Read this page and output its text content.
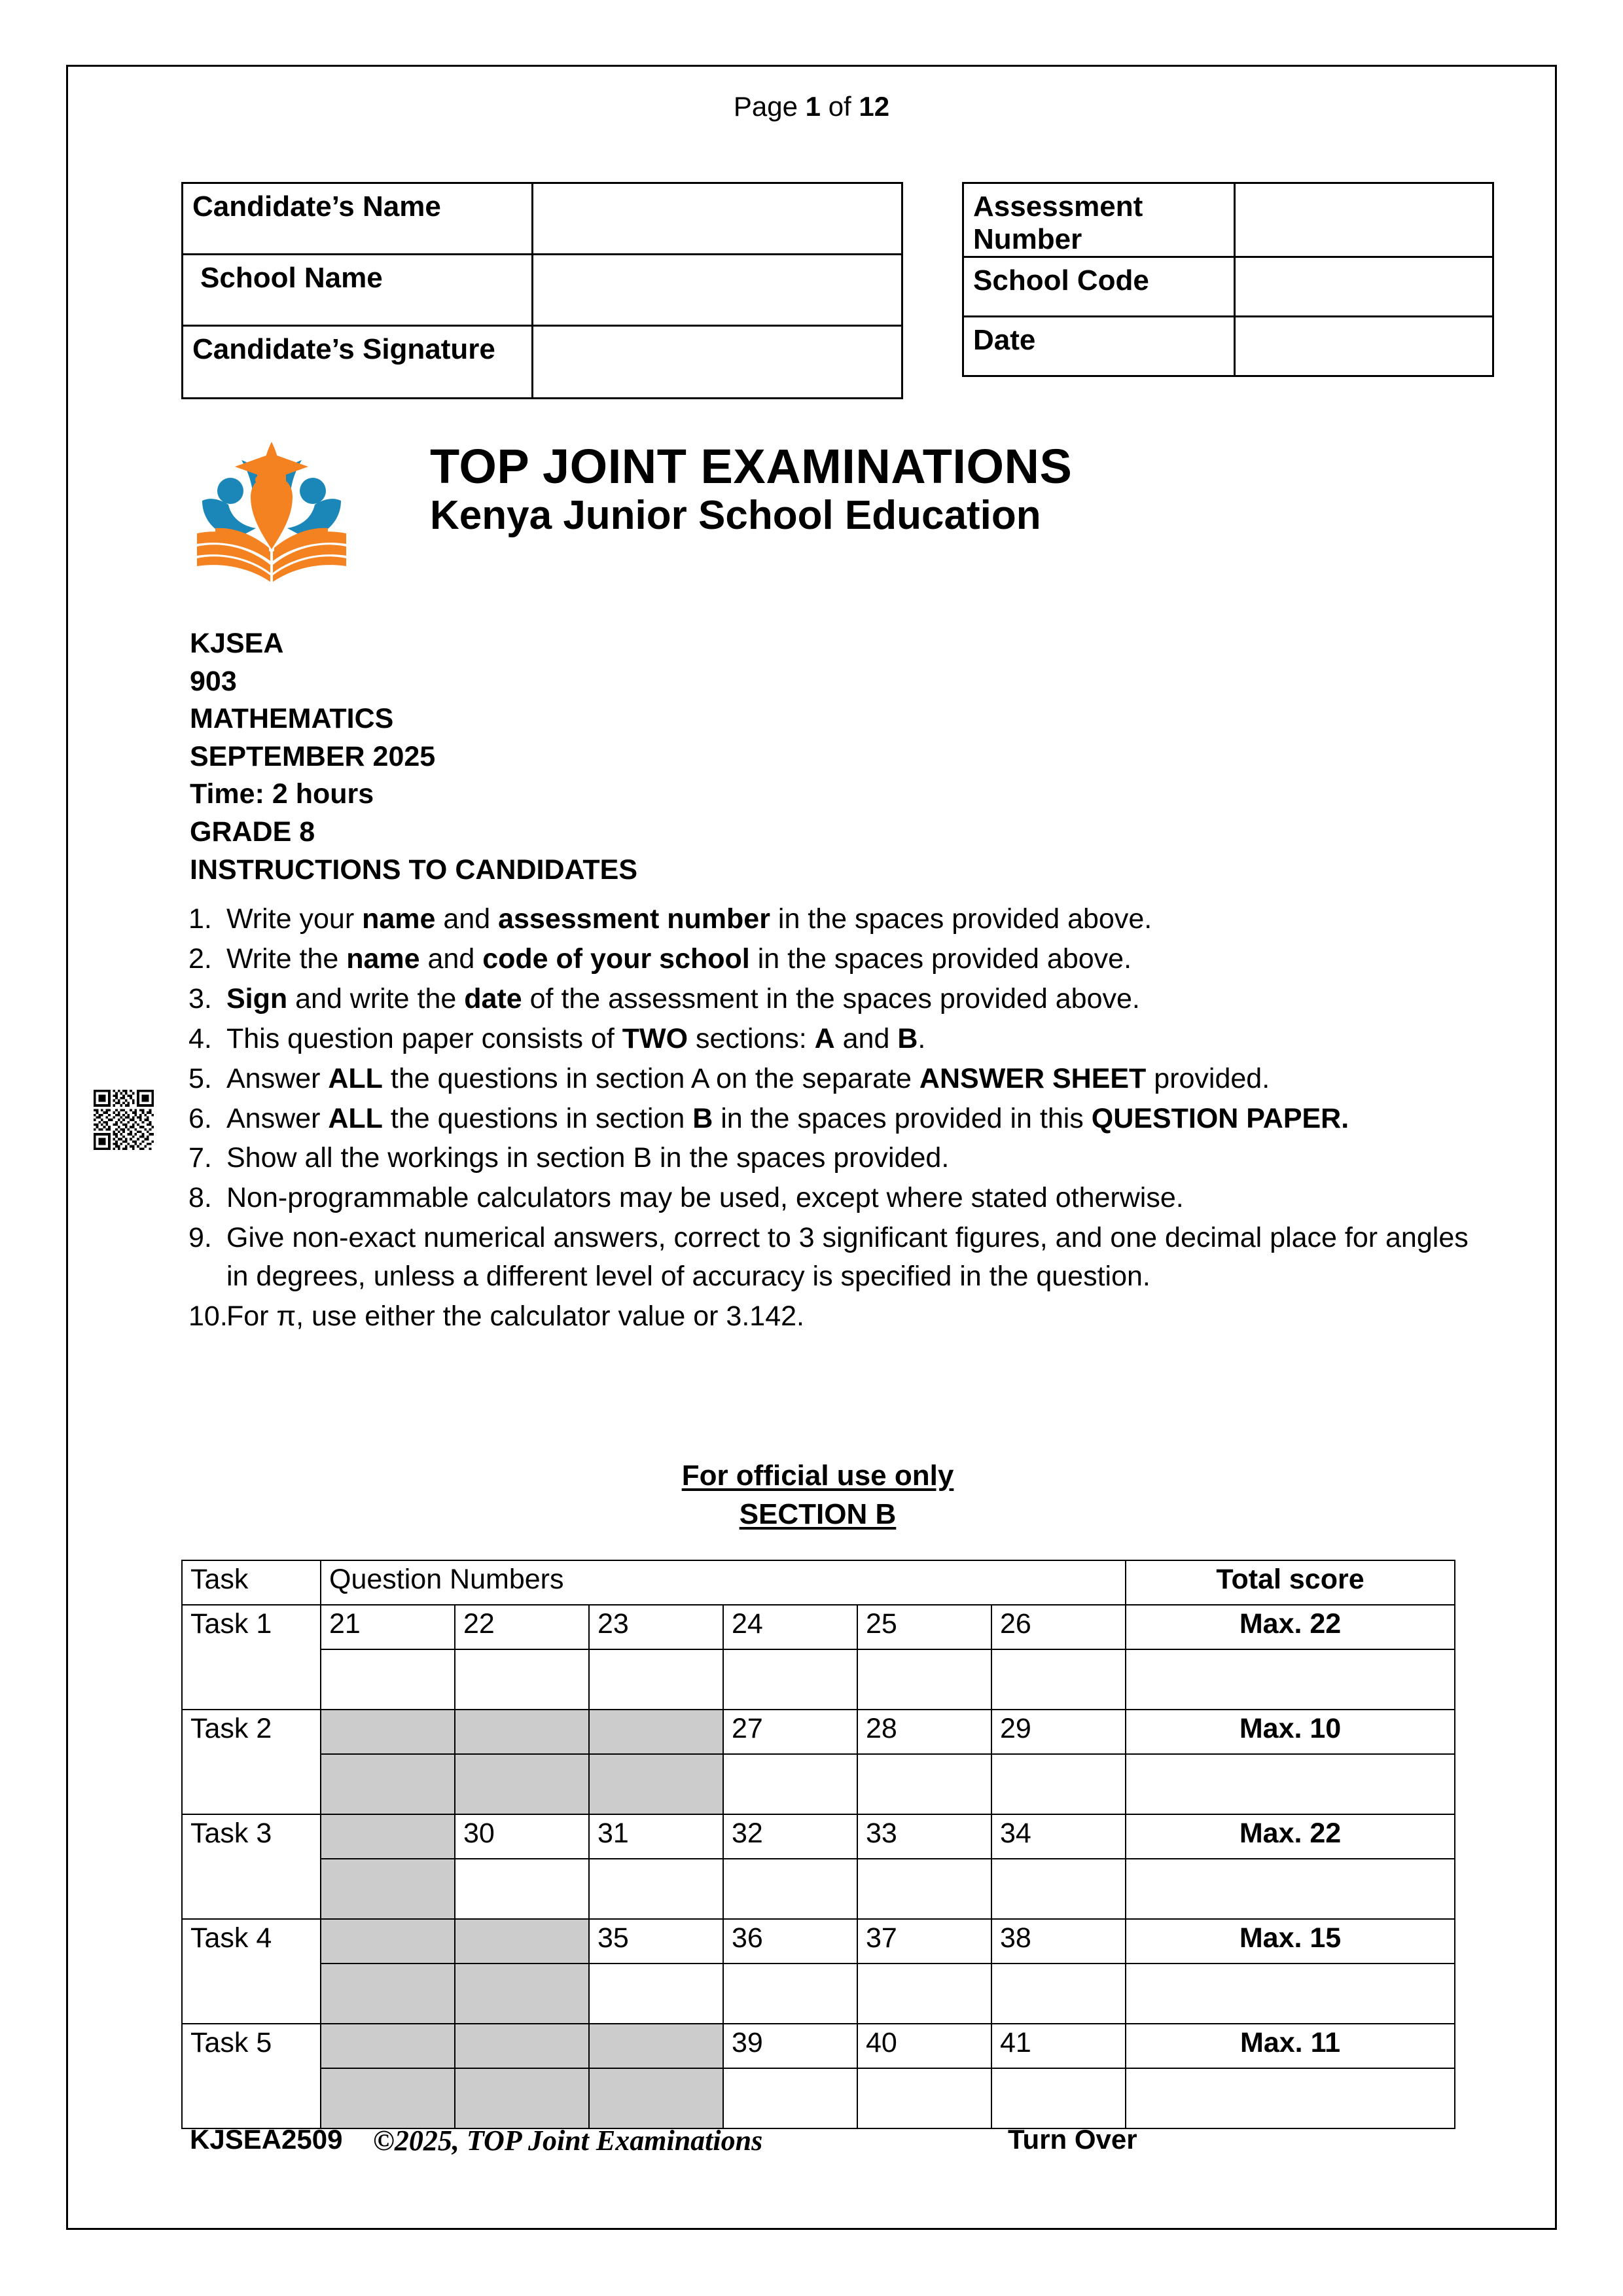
Page 1 of 12
Candidate’s Name	
School Name	
Candidate’s Signature	
Assessment Number	
School Code	
Date	
TOP JOINT EXAMINATIONS
Kenya Junior School Education
KJSEA
903
MATHEMATICS
SEPTEMBER 2025
Time: 2 hours
GRADE 8
INSTRUCTIONS TO CANDIDATES
1. Write your name and assessment number in the spaces provided above.
2. Write the name and code of your school in the spaces provided above.
3. Sign and write the date of the assessment in the spaces provided above.
4. This question paper consists of TWO sections: A and B.
5. Answer ALL the questions in section A on the separate ANSWER SHEET provided.
6. Answer ALL the questions in section B in the spaces provided in this QUESTION PAPER.
7. Show all the workings in section B in the spaces provided.
8. Non-programmable calculators may be used, except where stated otherwise.
9. Give non-exact numerical answers, correct to 3 significant figures, and one decimal place for angles in degrees, unless a different level of accuracy is specified in the question.
10.
For π, use either the calculator value or 3.142.
For official use only
SECTION B
Task	Question Numbers						Total score
Task 1	21	22	23	24	25	26	Max. 22

Task 2				27	28	29	Max. 10

Task 3		30	31	32	33	34	Max. 22

Task 4			35	36	37	38	Max. 15

Task 5				39	40	41	Max. 11

KJSEA2509 ©2025, TOP Joint Examinations	Turn Over
